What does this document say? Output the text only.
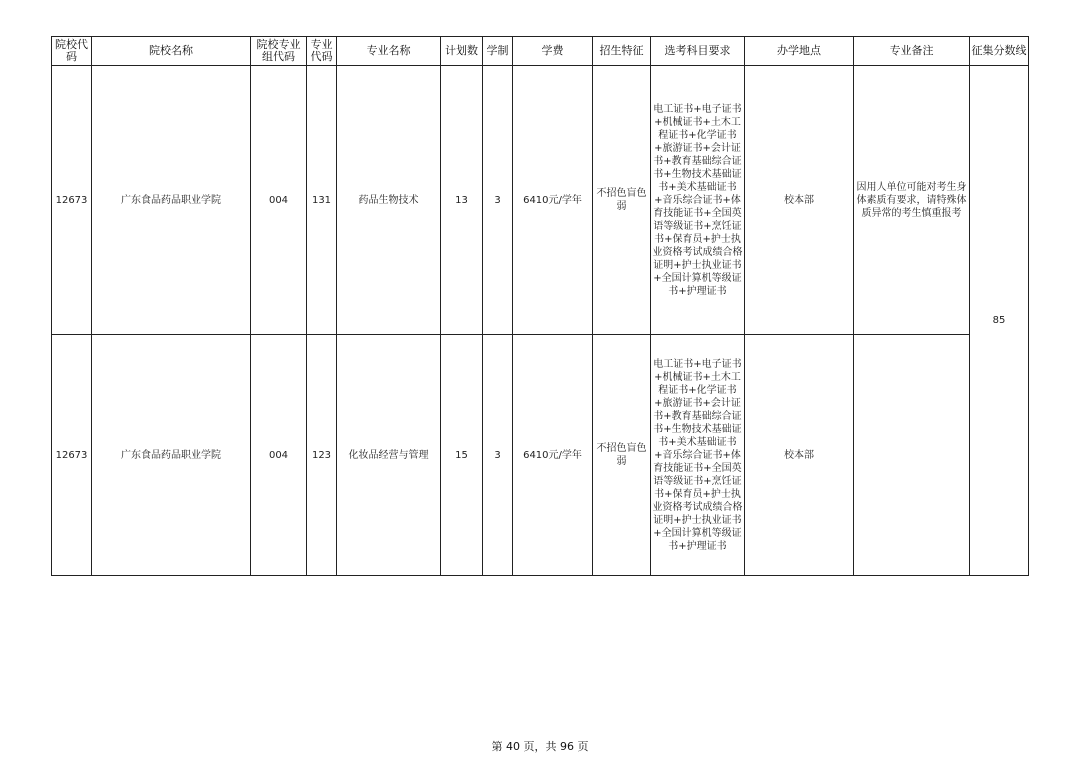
院校代码	院校名称	院校专业组代码	专业代码	专业名称	计划数	学制	学费	招生特征	选考科目要求	办学地点	专业备注	征集分数线
12673	广东食品药品职业学院	004	131	药品生物技术	13	3	6410元/学年	不招色盲色弱	电工证书+电子证书+机械证书+土木工程证书+化学证书+旅游证书+会计证书+教育基础综合证书+生物技术基础证书+美术基础证书+音乐综合证书+体育技能证书+全国英语等级证书+烹饪证书+保育员+护士执业资格考试成绩合格证明+护士执业证书+全国计算机等级证书+护理证书	校本部	因用人单位可能对考生身体素质有要求，请特殊体质异常的考生慎重报考	85
12673	广东食品药品职业学院	004	123	化妆品经营与管理	15	3	6410元/学年	不招色盲色弱	电工证书+电子证书+机械证书+土木工程证书+化学证书+旅游证书+会计证书+教育基础综合证书+生物技术基础证书+美术基础证书+音乐综合证书+体育技能证书+全国英语等级证书+烹饪证书+保育员+护士执业资格考试成绩合格证明+护士执业证书+全国计算机等级证书+护理证书	校本部		
第 40 页，共 96 页
